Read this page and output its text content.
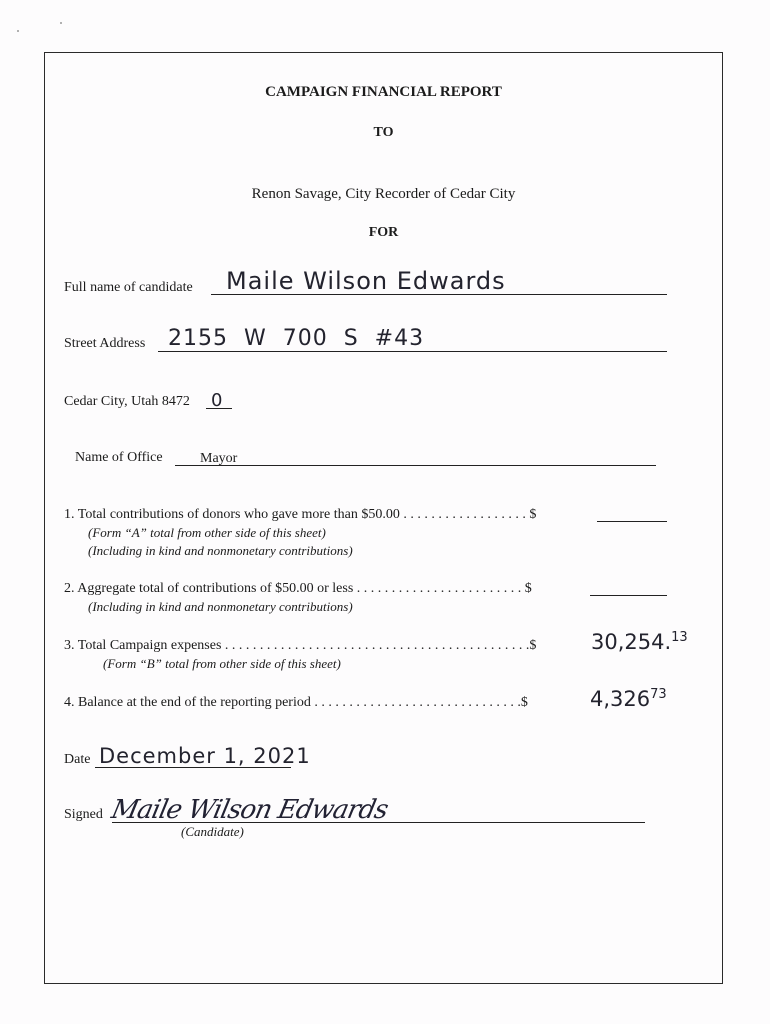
CAMPAIGN FINANCIAL REPORT
TO
Renon Savage, City Recorder of Cedar City
FOR
Full name of candidate Maile Wilson Edwards
Street Address 2155 W 700 S #43
Cedar City, Utah 8472 0
Name of Office	Mayor
1. Total contributions of donors who gave more than $50.00 . . . . . . . . . . . . . . . . . . $
(Form “A” total from other side of this sheet)
(Including in kind and nonmonetary contributions)
2. Aggregate total of contributions of $50.00 or less . . . . . . . . . . . . . . . . . . . . . . . . $
(Including in kind and nonmonetary contributions)
3. Total Campaign expenses . . . . . . . . . . . . . . . . . . . . . . . . . . . . . . . . . . . . . . . . . . . .$	30,254.13
(Form “B” total from other side of this sheet)
4. Balance at the end of the reporting period . . . . . . . . . . . . . . . . . . . . . . . . . . . . . .$	4,326$^{73}$
Date December 1, 2021
Signed Maile Wilson Edwards
(Candidate)
